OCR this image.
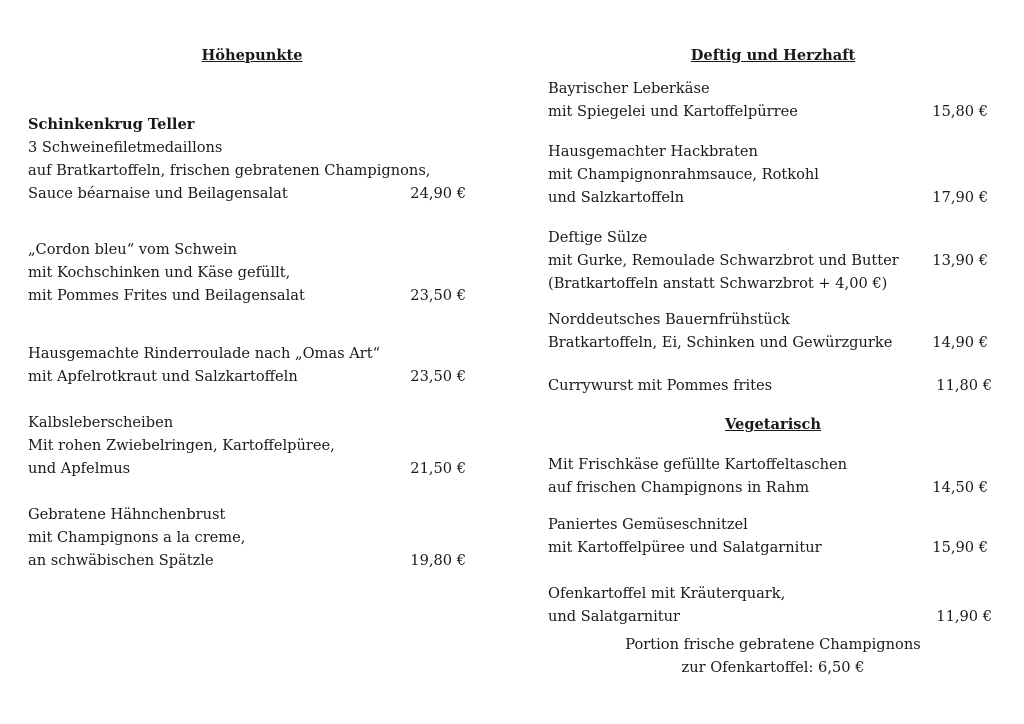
Höhepunkte
Schinkenkrug Teller
3 Schweinefiletmedaillons
auf Bratkartoffeln, frischen gebratenen Champignons,
Sauce béarnaise und Beilagensalat	24,90 €
„Cordon bleu“ vom Schwein
mit Kochschinken und Käse gefüllt,
mit Pommes Frites und Beilagensalat	23,50 €
Hausgemachte Rinderroulade nach „Omas Art“
mit Apfelrotkraut und Salzkartoffeln	23,50 €
Kalbsleberscheiben
Mit rohen Zwiebelringen, Kartoffelpüree,
und Apfelmus	21,50 €
Gebratene Hähnchenbrust
mit Champignons a la creme,
an schwäbischen Spätzle	19,80 €
Deftig und Herzhaft
Bayrischer Leberkäse
mit Spiegelei und Kartoffelpürree	15,80 €
Hausgemachter Hackbraten
mit Champignonrahmsauce, Rotkohl
und Salzkartoffeln	17,90 €
Deftige Sülze
mit Gurke, Remoulade Schwarzbrot und Butter	13,90 €
(Bratkartoffeln anstatt Schwarzbrot + 4,00 €)
Norddeutsches Bauernfrühstück
Bratkartoffeln, Ei, Schinken und Gewürzgurke	14,90 €
Currywurst mit Pommes frites	11,80 €
Vegetarisch
Mit Frischkäse gefüllte Kartoffeltaschen
auf frischen Champignons in Rahm	14,50 €
Paniertes Gemüseschnitzel
mit Kartoffelpüree und Salatgarnitur	15,90 €
Ofenkartoffel mit Kräuterquark,
und Salatgarnitur	11,90 €
Portion frische gebratene Champignons
zur Ofenkartoffel: 6,50 €
